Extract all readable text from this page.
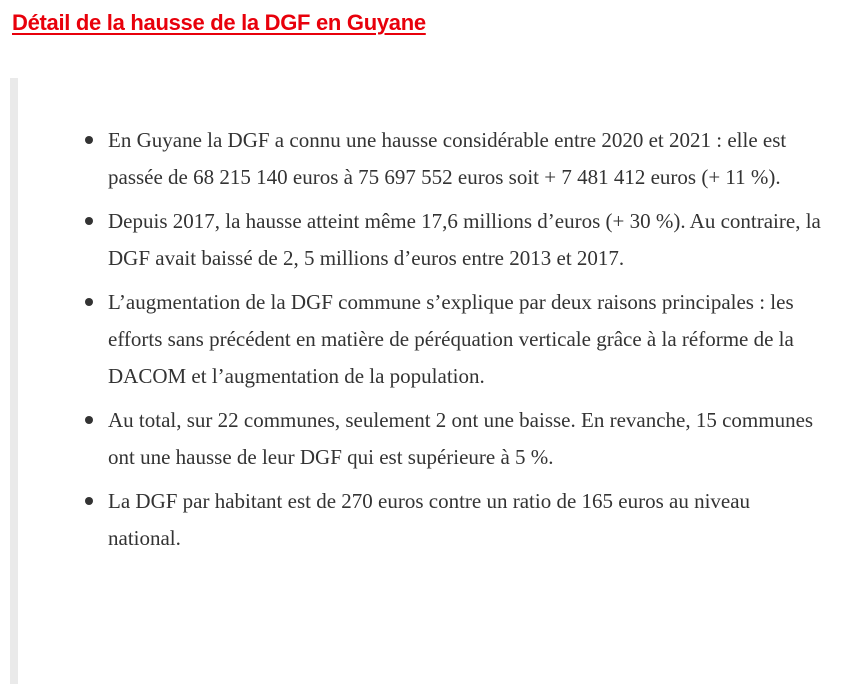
Détail de la hausse de la DGF en Guyane
En Guyane la DGF a connu une hausse considérable entre 2020 et 2021 : elle est passée de 68 215 140 euros à 75 697 552 euros soit + 7 481 412 euros (+ 11 %).
Depuis 2017, la hausse atteint même 17,6 millions d’euros (+ 30 %). Au contraire, la DGF avait baissé de 2, 5 millions d’euros entre 2013 et 2017.
L’augmentation de la DGF commune s’explique par deux raisons principales : les efforts sans précédent en matière de péréquation verticale grâce à la réforme de la DACOM et l’augmentation de la population.
Au total, sur 22 communes, seulement 2 ont une baisse. En revanche, 15 communes ont une hausse de leur DGF qui est supérieure à 5 %.
La DGF par habitant est de 270 euros contre un ratio de 165 euros au niveau national.
